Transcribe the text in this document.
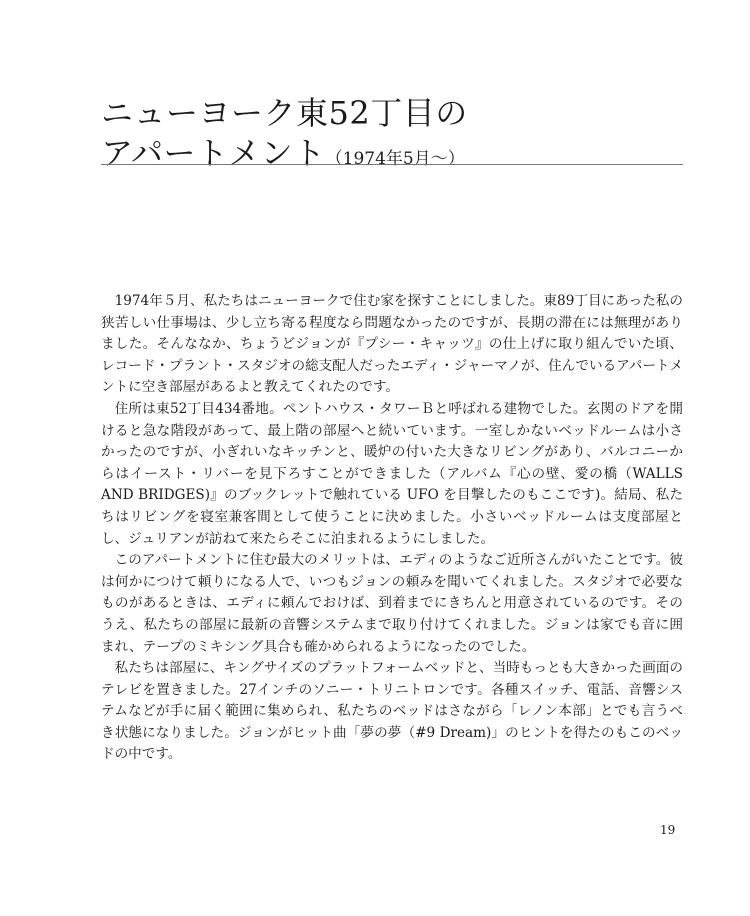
ニューヨーク東52丁目の
アパートメント（1974年5月〜）

1974年５月、私たちはニューヨークで住む家を探すことにしました。東89丁目にあった私の狭苦しい仕事場は、少し立ち寄る程度なら問題なかったのですが、長期の滞在には無理がありました。そんななか、ちょうどジョンが『プシー・キャッツ』の仕上げに取り組んでいた頃、レコード・プラント・スタジオの総支配人だったエディ・ジャーマノが、住んでいるアパートメントに空き部屋があるよと教えてくれたのです。

住所は東52丁目434番地。ペントハウス・タワーＢと呼ばれる建物でした。玄関のドアを開けると急な階段があって、最上階の部屋へと続いています。一室しかないベッドルームは小さかったのですが、小ぎれいなキッチンと、暖炉の付いた大きなリビングがあり、バルコニーからはイースト・リバーを見下ろすことができました（アルバム『心の壁、愛の橋（WALLS AND BRIDGES)』のブックレットで触れている UFO を目撃したのもここです)。結局、私たちはリビングを寝室兼客間として使うことに決めました。小さいベッドルームは支度部屋とし、ジュリアンが訪ねて来たらそこに泊まれるようにしました。

このアパートメントに住む最大のメリットは、エディのようなご近所さんがいたことです。彼は何かにつけて頼りになる人で、いつもジョンの頼みを聞いてくれました。スタジオで必要なものがあるときは、エディに頼んでおけば、到着までにきちんと用意されているのです。そのうえ、私たちの部屋に最新の音響システムまで取り付けてくれました。ジョンは家でも音に囲まれ、テープのミキシング具合も確かめられるようになったのでした。

私たちは部屋に、キングサイズのプラットフォームベッドと、当時もっとも大きかった画面のテレビを置きました。27インチのソニー・トリニトロンです。各種スイッチ、電話、音響システムなどが手に届く範囲に集められ、私たちのベッドはさながら「レノン本部」とでも言うべき状態になりました。ジョンがヒット曲「夢の夢（#9 Dream)」のヒントを得たのもこのベッドの中です。

19
